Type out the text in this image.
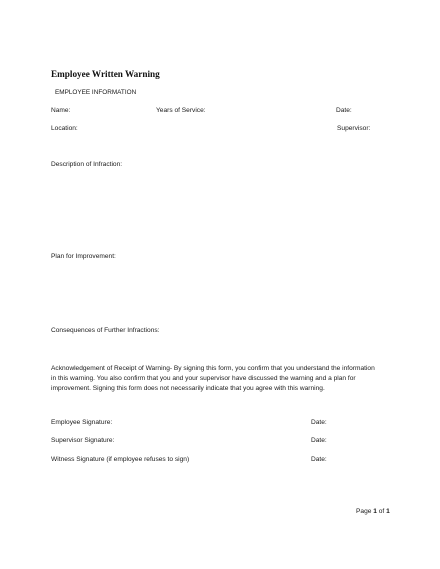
Employee Written Warning
EMPLOYEE INFORMATION
Name:	Years of Service:	Date:
Location:	Supervisor:
Description of Infraction:
Plan for Improvement:
Consequences of Further Infractions:
Acknowledgement of Receipt of Warning- By signing this form, you confirm that you understand the information
in this warning. You also confirm that you and your supervisor have discussed the warning and a plan for
improvement. Signing this form does not necessarily indicate that you agree with this warning.
Employee Signature:	Date:
Supervisor Signature:	Date:
Witness Signature (if employee refuses to sign)	Date:
Page 1 of 1
